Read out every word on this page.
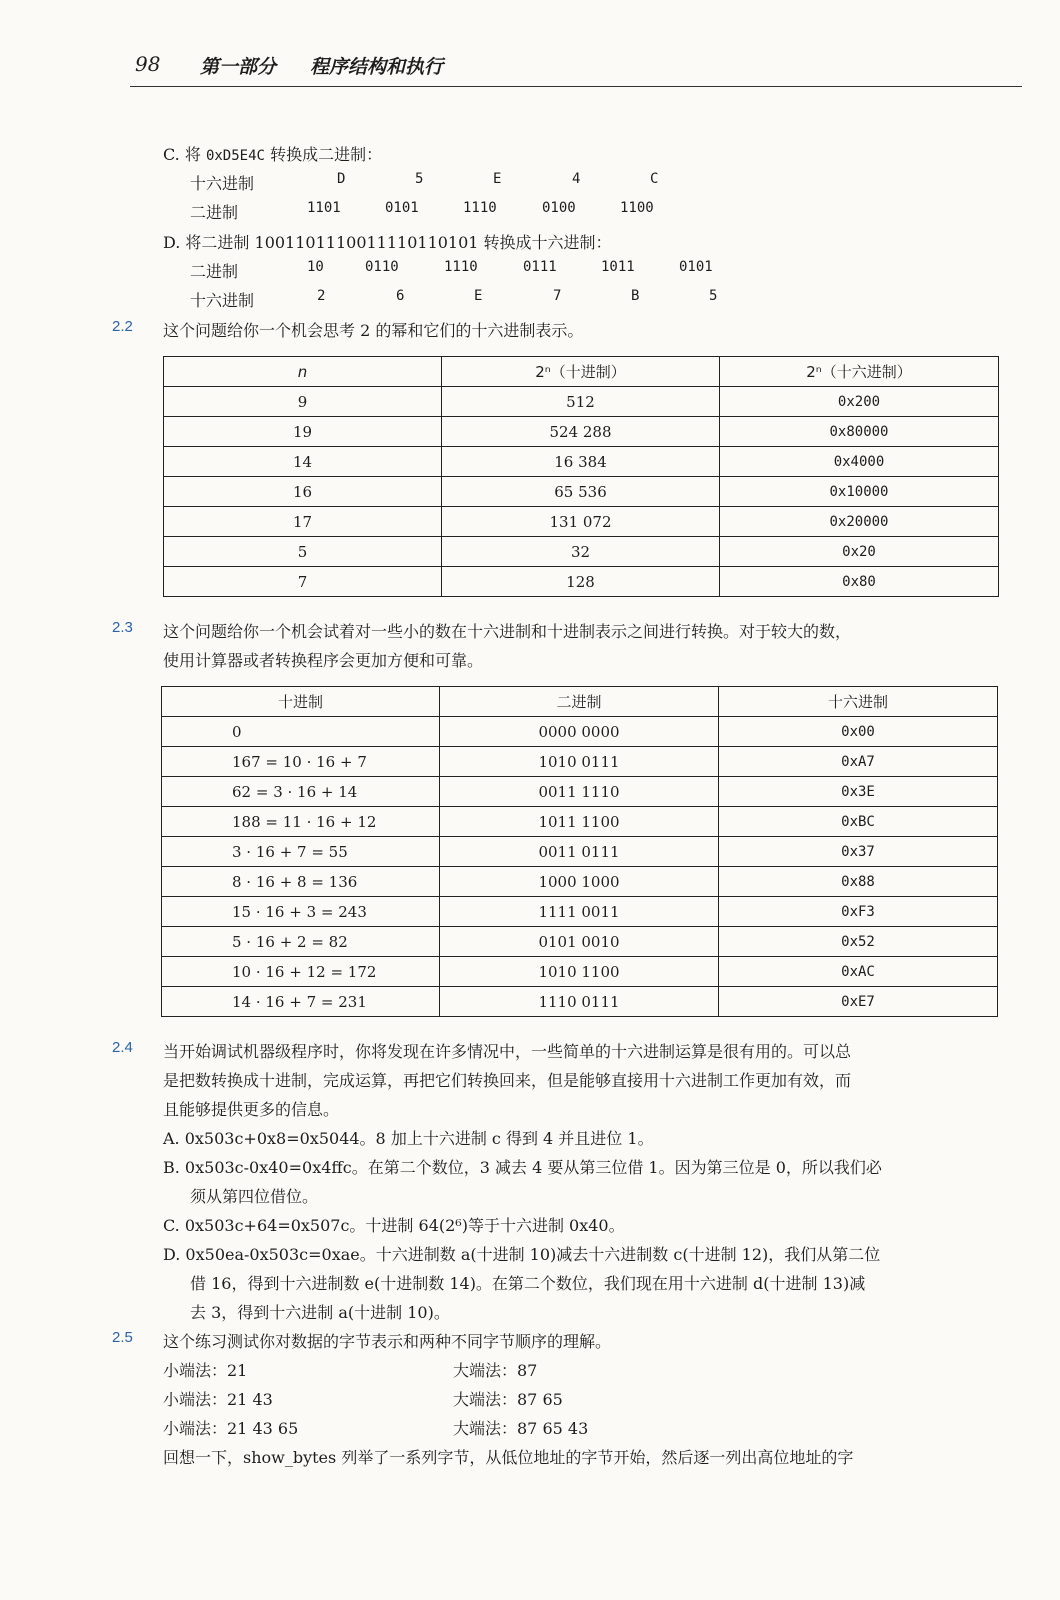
98 第一部分 程序结构和执行
C. 将 0xD5E4C 转换成二进制：
十六进制	D	5	E	4	C
二进制	1101	0101	1110	0100	1100
D. 将二进制 1001101110011110110101 转换成十六进制：
二进制	10	0110	1110	0111	1011	0101
十六进制	2	6	E	7	B	5
2.2 这个问题给你一个机会思考 2 的幂和它们的十六进制表示。
n	2ⁿ（十进制）	2ⁿ（十六进制）
9	512	0x200
19	524 288	0x80000
14	16 384	0x4000
16	65 536	0x10000
17	131 072	0x20000
5	32	0x20
7	128	0x80
2.3 这个问题给你一个机会试着对一些小的数在十六进制和十进制表示之间进行转换。对于较大的数，
使用计算器或者转换程序会更加方便和可靠。
十进制	二进制	十六进制
0	0000 0000	0x00
167 = 10 · 16 + 7	1010 0111	0xA7
62 = 3 · 16 + 14	0011 1110	0x3E
188 = 11 · 16 + 12	1011 1100	0xBC
3 · 16 + 7 = 55	0011 0111	0x37
8 · 16 + 8 = 136	1000 1000	0x88
15 · 16 + 3 = 243	1111 0011	0xF3
5 · 16 + 2 = 82	0101 0010	0x52
10 · 16 + 12 = 172	1010 1100	0xAC
14 · 16 + 7 = 231	1110 0111	0xE7
2.4 当开始调试机器级程序时，你将发现在许多情况中，一些简单的十六进制运算是很有用的。可以总
是把数转换成十进制，完成运算，再把它们转换回来，但是能够直接用十六进制工作更加有效，而
且能够提供更多的信息。
A. 0x503c+0x8=0x5044。8 加上十六进制 c 得到 4 并且进位 1。
B. 0x503c-0x40=0x4ffc。在第二个数位，3 减去 4 要从第三位借 1。因为第三位是 0，所以我们必
须从第四位借位。
C. 0x503c+64=0x507c。十进制 64(2⁶)等于十六进制 0x40。
D. 0x50ea-0x503c=0xae。十六进制数 a(十进制 10)减去十六进制数 c(十进制 12)，我们从第二位
借 16，得到十六进制数 e(十进制数 14)。在第二个数位，我们现在用十六进制 d(十进制 13)减
去 3，得到十六进制 a(十进制 10)。
2.5 这个练习测试你对数据的字节表示和两种不同字节顺序的理解。
小端法：21	大端法：87
小端法：21 43	大端法：87 65
小端法：21 43 65	大端法：87 65 43
回想一下，show_bytes 列举了一系列字节，从低位地址的字节开始，然后逐一列出高位地址的字
